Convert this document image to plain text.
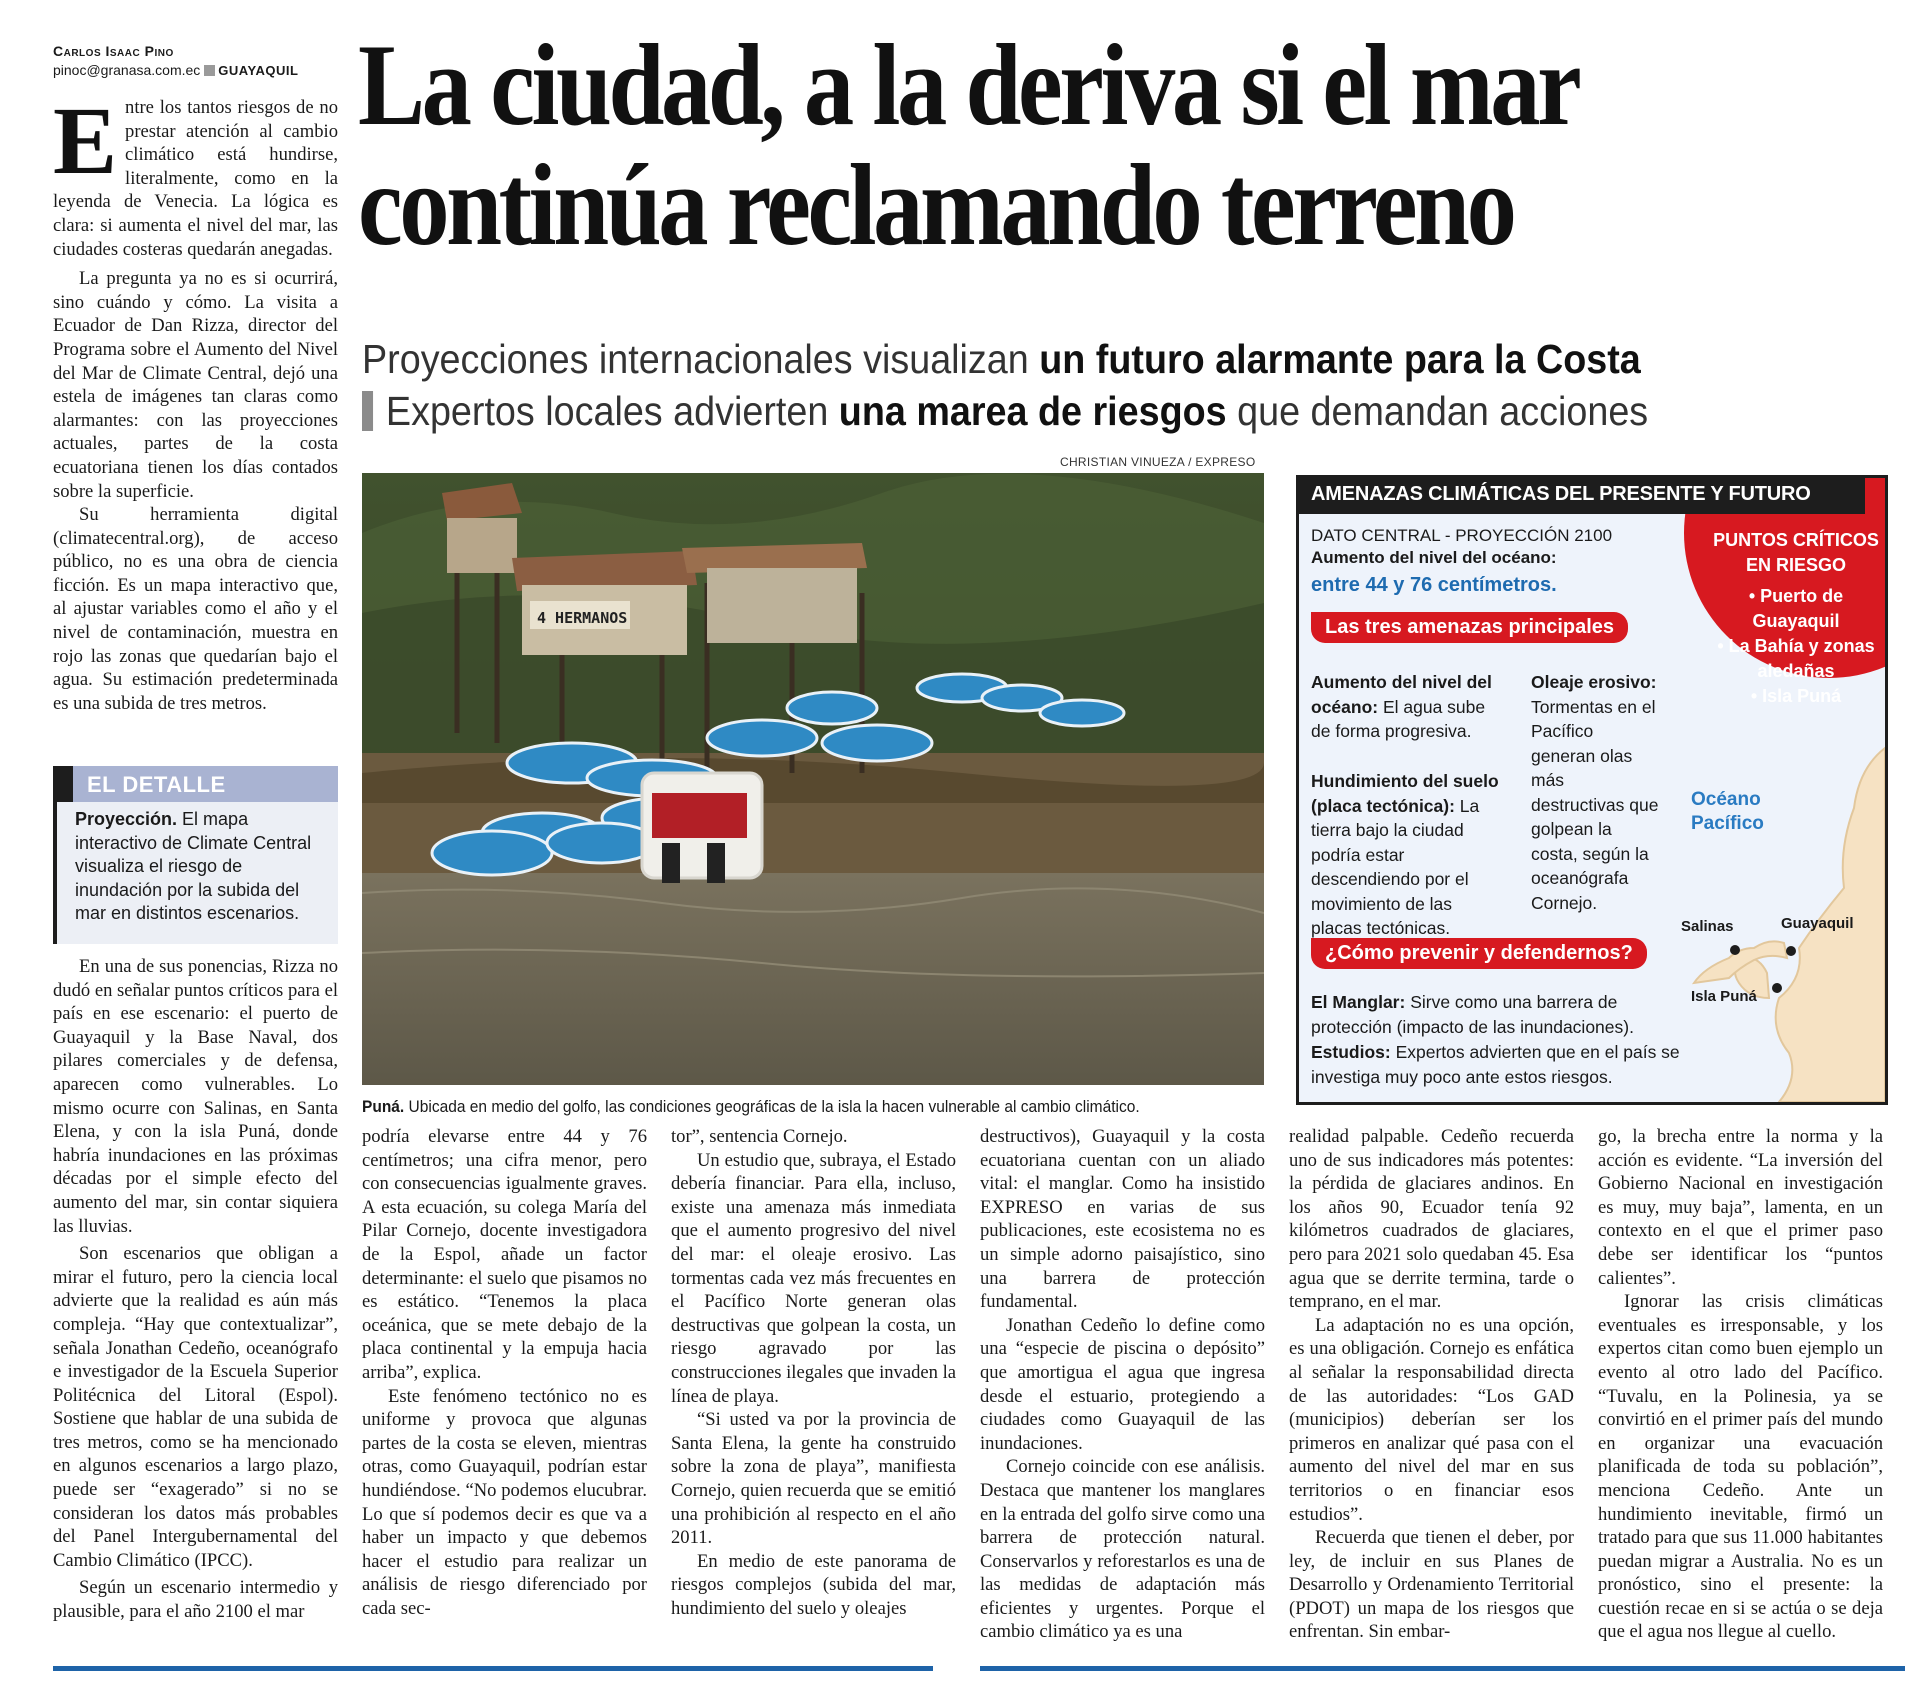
Carlos Isaac Pino
pinoc@granasa.com.ec GUAYAQUIL La ciudad, a la deriva si el mar
continúa reclamando terreno
Proyecciones internacionales visualizan un futuro alarmante para la Costa
Expertos locales advierten una marea de riesgos que demandan acciones

Entre los tantos riesgos de no prestar atención al cambio climático está hundirse, literalmente, como en la leyenda de Venecia. La lógica es clara: si aumenta el nivel del mar, las ciudades costeras quedarán anegadas.

La pregunta ya no es si ocurrirá, sino cuándo y cómo. La visita a Ecuador de Dan Rizza, director del Programa sobre el Aumento del Nivel del Mar de Climate Central, dejó una estela de imágenes tan claras como alarmantes: con las proyecciones actuales, partes de la costa ecuatoriana tienen los días contados sobre la superficie.

Su herramienta digital (climatecentral.org), de acceso público, no es una obra de ciencia ficción. Es un mapa interactivo que, al ajustar variables como el año y el nivel de contaminación, muestra en rojo las zonas que quedarían bajo el agua. Su estimación predeterminada es una subida de tres metros.

EL DETALLE
Proyección. El mapa interactivo de Climate Central visualiza el riesgo de inundación por la subida del mar en distintos escenarios.

En una de sus ponencias, Rizza no dudó en señalar puntos críticos para el país en ese escenario: el puerto de Guayaquil y la Base Naval, dos pilares comerciales y de defensa, aparecen como vulnerables. Lo mismo ocurre con Salinas, en Santa Elena, y con la isla Puná, donde habría inundaciones en las próximas décadas por el simple efecto del aumento del mar, sin contar siquiera las lluvias.

Son escenarios que obligan a mirar el futuro, pero la ciencia local advierte que la realidad es aún más compleja. “Hay que contextualizar”, señala Jonathan Cedeño, oceanógrafo e investigador de la Escuela Superior Politécnica del Litoral (Espol). Sostiene que hablar de una subida de tres metros, como se ha mencionado en algunos escenarios a largo plazo, puede ser “exagerado” si no se consideran los datos más probables del Panel Intergubernamental del Cambio Climático (IPCC).

Según un escenario intermedio y plausible, para el año 2100 el mar

CHRISTIAN VINUEZA / EXPRESO
4 HERMANOS
Puná. Ubicada en medio del golfo, las condiciones geográficas de la isla la hacen vulnerable al cambio climático.
PUNTOS CRÍTICOS
EN RIESGO
• Puerto de
Guayaquil
• La Bahía y zonas
aledañas
• Isla Puná
AMENAZAS CLIMÁTICAS DEL PRESENTE Y FUTURO
DATO CENTRAL - PROYECCIÓN 2100
Aumento del nivel del océano:
entre 44 y 76 centímetros.
Las tres amenazas principales
Aumento del nivel del océano: El agua sube de forma progresiva.
Hundimiento del suelo (placa tectónica): La tierra bajo la ciudad podría estar descendiendo por el movimiento de las placas tectónicas.
Oleaje erosivo: Tormentas en el Pacífico generan olas más destructivas que golpean la costa, según la oceanógrafa Cornejo.
¿Cómo prevenir y defendernos?
El Manglar: Sirve como una barrera de protección (impacto de las inundaciones).
Estudios: Expertos advierten que en el país se investiga muy poco ante estos riesgos.
Océano
Pacífico
Salinas	Guayaquil
Isla Puná

podría elevarse entre 44 y 76 centímetros; una cifra menor, pero con consecuencias igualmente graves. A esta ecuación, su colega María del Pilar Cornejo, docente investigadora de la Espol, añade un factor determinante: el suelo que pisamos no es estático. “Tenemos la placa oceánica, que se mete debajo de la placa continental y la empuja hacia arriba”, explica.

Este fenómeno tectónico no es uniforme y provoca que algunas partes de la costa se eleven, mientras otras, como Guayaquil, podrían estar hundiéndose. “No podemos elucubrar. Lo que sí podemos decir es que va a haber un impacto y que debemos hacer el estudio para realizar un análisis de riesgo diferenciado por cada sec-

tor”, sentencia Cornejo.

Un estudio que, subraya, el Estado debería financiar. Para ella, incluso, existe una amenaza más inmediata que el aumento progresivo del nivel del mar: el oleaje erosivo. Las tormentas cada vez más frecuentes en el Pacífico Norte generan olas destructivas que golpean la costa, un riesgo agravado por las construcciones ilegales que invaden la línea de playa.

“Si usted va por la provincia de Santa Elena, la gente ha construido sobre la zona de playa”, manifiesta Cornejo, quien recuerda que se emitió una prohibición al respecto en el año 2011.

En medio de este panorama de riesgos complejos (subida del mar, hundimiento del suelo y oleajes

destructivos), Guayaquil y la costa ecuatoriana cuentan con un aliado vital: el manglar. Como ha insistido EXPRESO en varias de sus publicaciones, este ecosistema no es un simple adorno paisajístico, sino una barrera de protección fundamental.

Jonathan Cedeño lo define como una “especie de piscina o depósito” que amortigua el agua que ingresa desde el estuario, protegiendo a ciudades como Guayaquil de las inundaciones.

Cornejo coincide con ese análisis. Destaca que mantener los manglares en la entrada del golfo sirve como una barrera de protección natural. Conservarlos y reforestarlos es una de las medidas de adaptación más eficientes y urgentes. Porque el cambio climático ya es una

realidad palpable. Cedeño recuerda uno de sus indicadores más potentes: la pérdida de glaciares andinos. En los años 90, Ecuador tenía 92 kilómetros cuadrados de glaciares, pero para 2021 solo quedaban 45. Esa agua que se derrite termina, tarde o temprano, en el mar.

La adaptación no es una opción, es una obligación. Cornejo es enfática al señalar la responsabilidad directa de las autoridades: “Los GAD (municipios) deberían ser los primeros en analizar qué pasa con el aumento del nivel del mar en sus territorios o en financiar esos estudios”.

Recuerda que tienen el deber, por ley, de incluir en sus Planes de Desarrollo y Ordenamiento Territorial (PDOT) un mapa de los riesgos que enfrentan. Sin embar-

go, la brecha entre la norma y la acción es evidente. “La inversión del Gobierno Nacional en investigación es muy, muy baja”, lamenta, en un contexto en el que el primer paso debe ser identificar los “puntos calientes”.

Ignorar las crisis climáticas eventuales es irresponsable, y los expertos citan como buen ejemplo un evento al otro lado del Pacífico. “Tuvalu, en la Polinesia, ya se convirtió en el primer país del mundo en organizar una evacuación planificada de toda su población”, menciona Cedeño. Ante un hundimiento inevitable, firmó un tratado para que sus 11.000 habitantes puedan migrar a Australia. No es un pronóstico, sino el presente: la cuestión recae en si se actúa o se deja que el agua nos llegue al cuello.
